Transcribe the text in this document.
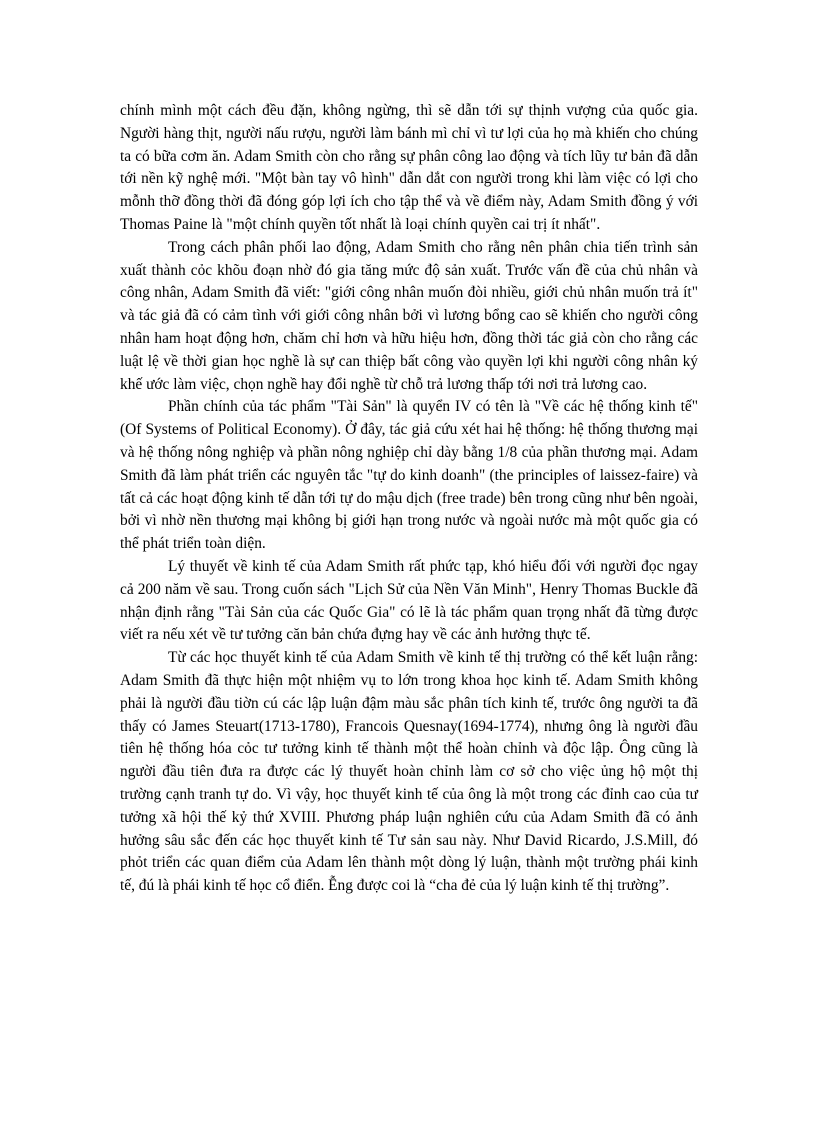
chính mình một cách đều đặn, không ngừng, thì sẽ dẫn tới sự thịnh vượng của quốc gia. Người hàng thịt, người nấu rượu, người làm bánh mì chỉ vì tư lợi của họ mà khiến cho chúng ta có bữa cơm ăn. Adam Smith còn cho rằng sự phân công lao động và tích lũy tư bản đã dẫn tới nền kỹ nghệ mới. "Một bàn tay vô hình" dẫn dắt con người trong khi làm việc có lợi cho mỗnh thỡ đồng thời đã đóng góp lợi ích cho tập thể và về điểm này, Adam Smith đồng ý với Thomas Paine là "một chính quyền tốt nhất là loại chính quyền cai trị ít nhất".

Trong cách phân phối lao động, Adam Smith cho rằng nên phân chia tiến trình sản xuất thành cỏc khõu đoạn nhờ đó gia tăng mức độ sản xuất. Trước vấn đề của chủ nhân và công nhân, Adam Smith đã viết: "giới công nhân muốn đòi nhiều, giới chủ nhân muốn trả ít" và tác giả đã có cảm tình với giới công nhân bởi vì lương bổng cao sẽ khiến cho người công nhân ham hoạt động hơn, chăm chỉ hơn và hữu hiệu hơn, đồng thời tác giả còn cho rằng các luật lệ về thời gian học nghề là sự can thiệp bất công vào quyền lợi khi người công nhân ký khế ước làm việc, chọn nghề hay đổi nghề từ chỗ trả lương thấp tới nơi trả lương cao.

Phần chính của tác phẩm "Tài Sản" là quyển IV có tên là "Về các hệ thống kinh tế" (Of Systems of Political Economy). Ở đây, tác giả cứu xét hai hệ thống: hệ thống thương mại và hệ thống nông nghiệp và phần nông nghiệp chỉ dày bằng 1/8 của phần thương mại. Adam Smith đã làm phát triển các nguyên tắc "tự do kinh doanh" (the principles of laissez-faire) và tất cả các hoạt động kinh tế dẫn tới tự do mậu dịch (free trade) bên trong cũng như bên ngoài, bởi vì nhờ nền thương mại không bị giới hạn trong nước và ngoài nước mà một quốc gia có thể phát triển toàn diện.

Lý thuyết về kinh tế của Adam Smith rất phức tạp, khó hiểu đối với người đọc ngay cả 200 năm về sau. Trong cuốn sách "Lịch Sử của Nền Văn Minh", Henry Thomas Buckle đã nhận định rằng "Tài Sản của các Quốc Gia" có lẽ là tác phẩm quan trọng nhất đã từng được viết ra nếu xét về tư tưởng căn bản chứa đựng hay về các ảnh hưởng thực tế.

Từ các học thuyết kinh tế của Adam Smith về kinh tế thị trường có thể kết luận rằng: Adam Smith đã thực hiện một nhiệm vụ to lớn trong khoa học kinh tế. Adam Smith không phải là người đầu tiờn cú các lập luận đậm màu sắc phân tích kinh tế, trước ông người ta đã thấy có James Steuart(1713-1780), Francois Quesnay(1694-1774), nhưng ông là người đầu tiên hệ thống hóa cỏc tư tưởng kinh tế thành một thể hoàn chỉnh và độc lập. Ông cũng là người đầu tiên đưa ra được các lý thuyết hoàn chỉnh làm cơ sở cho việc ủng hộ một thị trường cạnh tranh tự do. Vì vậy, học thuyết kinh tế của ông là một trong các đỉnh cao của tư tưởng xã hội thế kỷ thứ XVIII. Phương pháp luận nghiên cứu của Adam Smith đã có ảnh hưởng sâu sắc đến các học thuyết kinh tế Tư sản sau này. Như David Ricardo, J.S.Mill, đó phỏt triển các quan điểm của Adam lên thành một dòng lý luận, thành một trường phái kinh tế, đú là phái kinh tế học cổ điển. Ễng được coi là “cha đẻ của lý luận kinh tế thị trường”.
